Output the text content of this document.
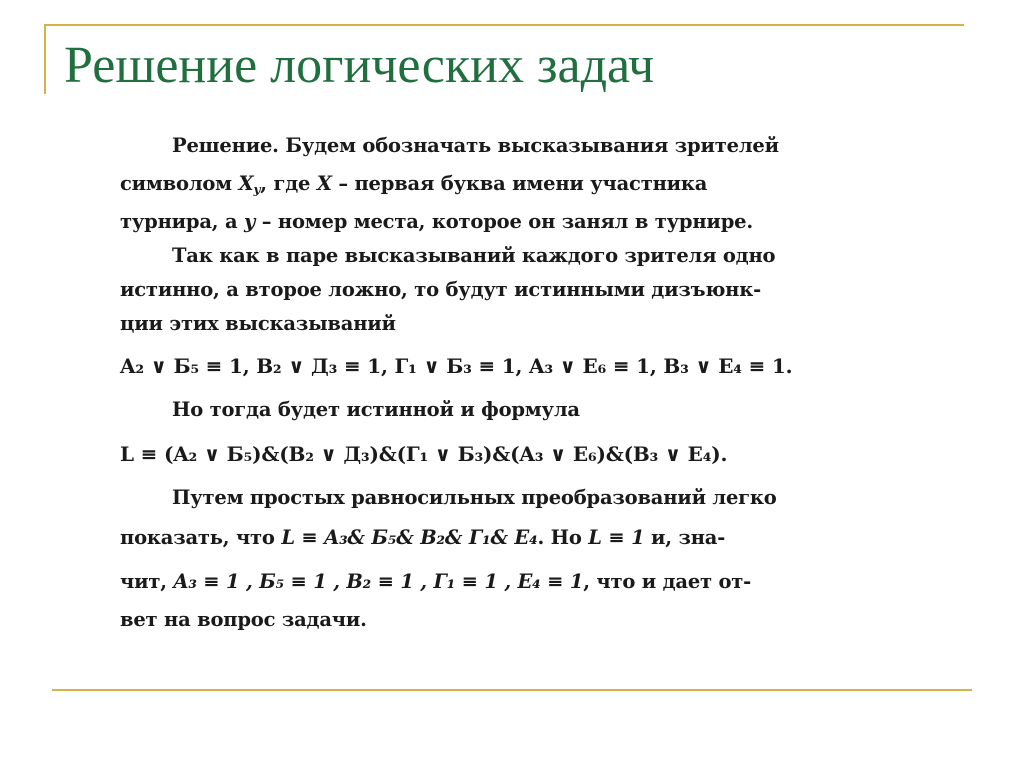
Решение логических задач
Решение. Будем обозначать высказывания зрителей
символом $X_y$, где X – первая буква имени участника
турнира, а y – номер места, которое он занял в турнире.
Так как в паре высказываний каждого зрителя одно
истинно, а второе ложно, то будут истинными дизъюнк-
ции этих высказываний
A₂ ∨ Б₅ ≡ 1, B₂ ∨ Д₃ ≡ 1, Г₁ ∨ Б₃ ≡ 1, A₃ ∨ E₆ ≡ 1, B₃ ∨ E₄ ≡ 1.
Но тогда будет истинной и формула
L ≡ (A₂ ∨ Б₅)&(B₂ ∨ Д₃)&(Г₁ ∨ Б₃)&(A₃ ∨ E₆)&(B₃ ∨ E₄).
Путем простых равносильных преобразований легко
показать, что L ≡ A₃& Б₅& B₂& Г₁& E₄. Но L ≡ 1 и, зна-
чит, A₃ ≡ 1 , Б₅ ≡ 1 , B₂ ≡ 1 , Г₁ ≡ 1 , E₄ ≡ 1, что и дает от-
вет на вопрос задачи.
